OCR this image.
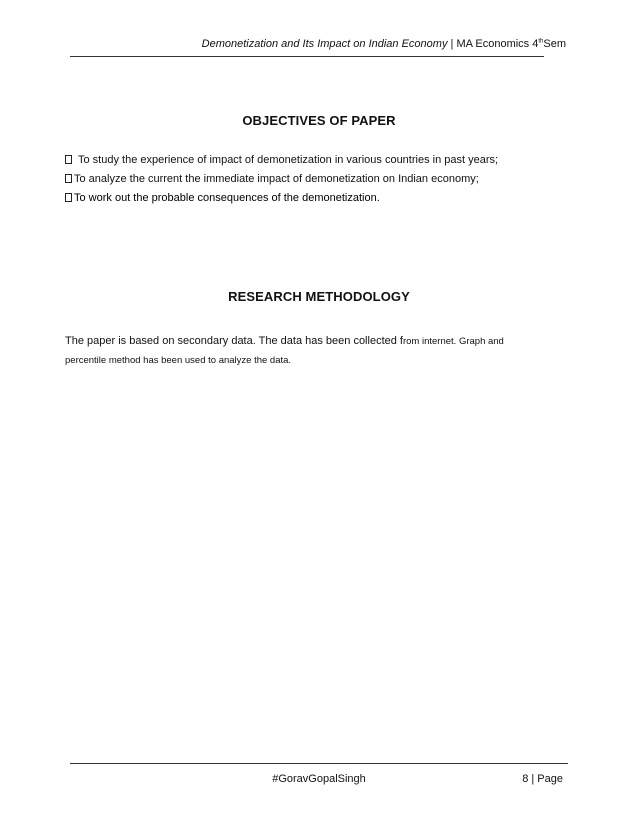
Demonetization and Its Impact on Indian Economy | MA Economics 4thSem
OBJECTIVES OF PAPER
To study the experience of impact of demonetization in various countries in past years;
To analyze the current the immediate impact of demonetization on Indian economy;
To work out the probable consequences of the demonetization.
RESEARCH METHODOLOGY
The paper is based on secondary data. The data has been collected from internet. Graph and percentile method has been used to analyze the data.
#GoravGopalSingh	8 | Page
